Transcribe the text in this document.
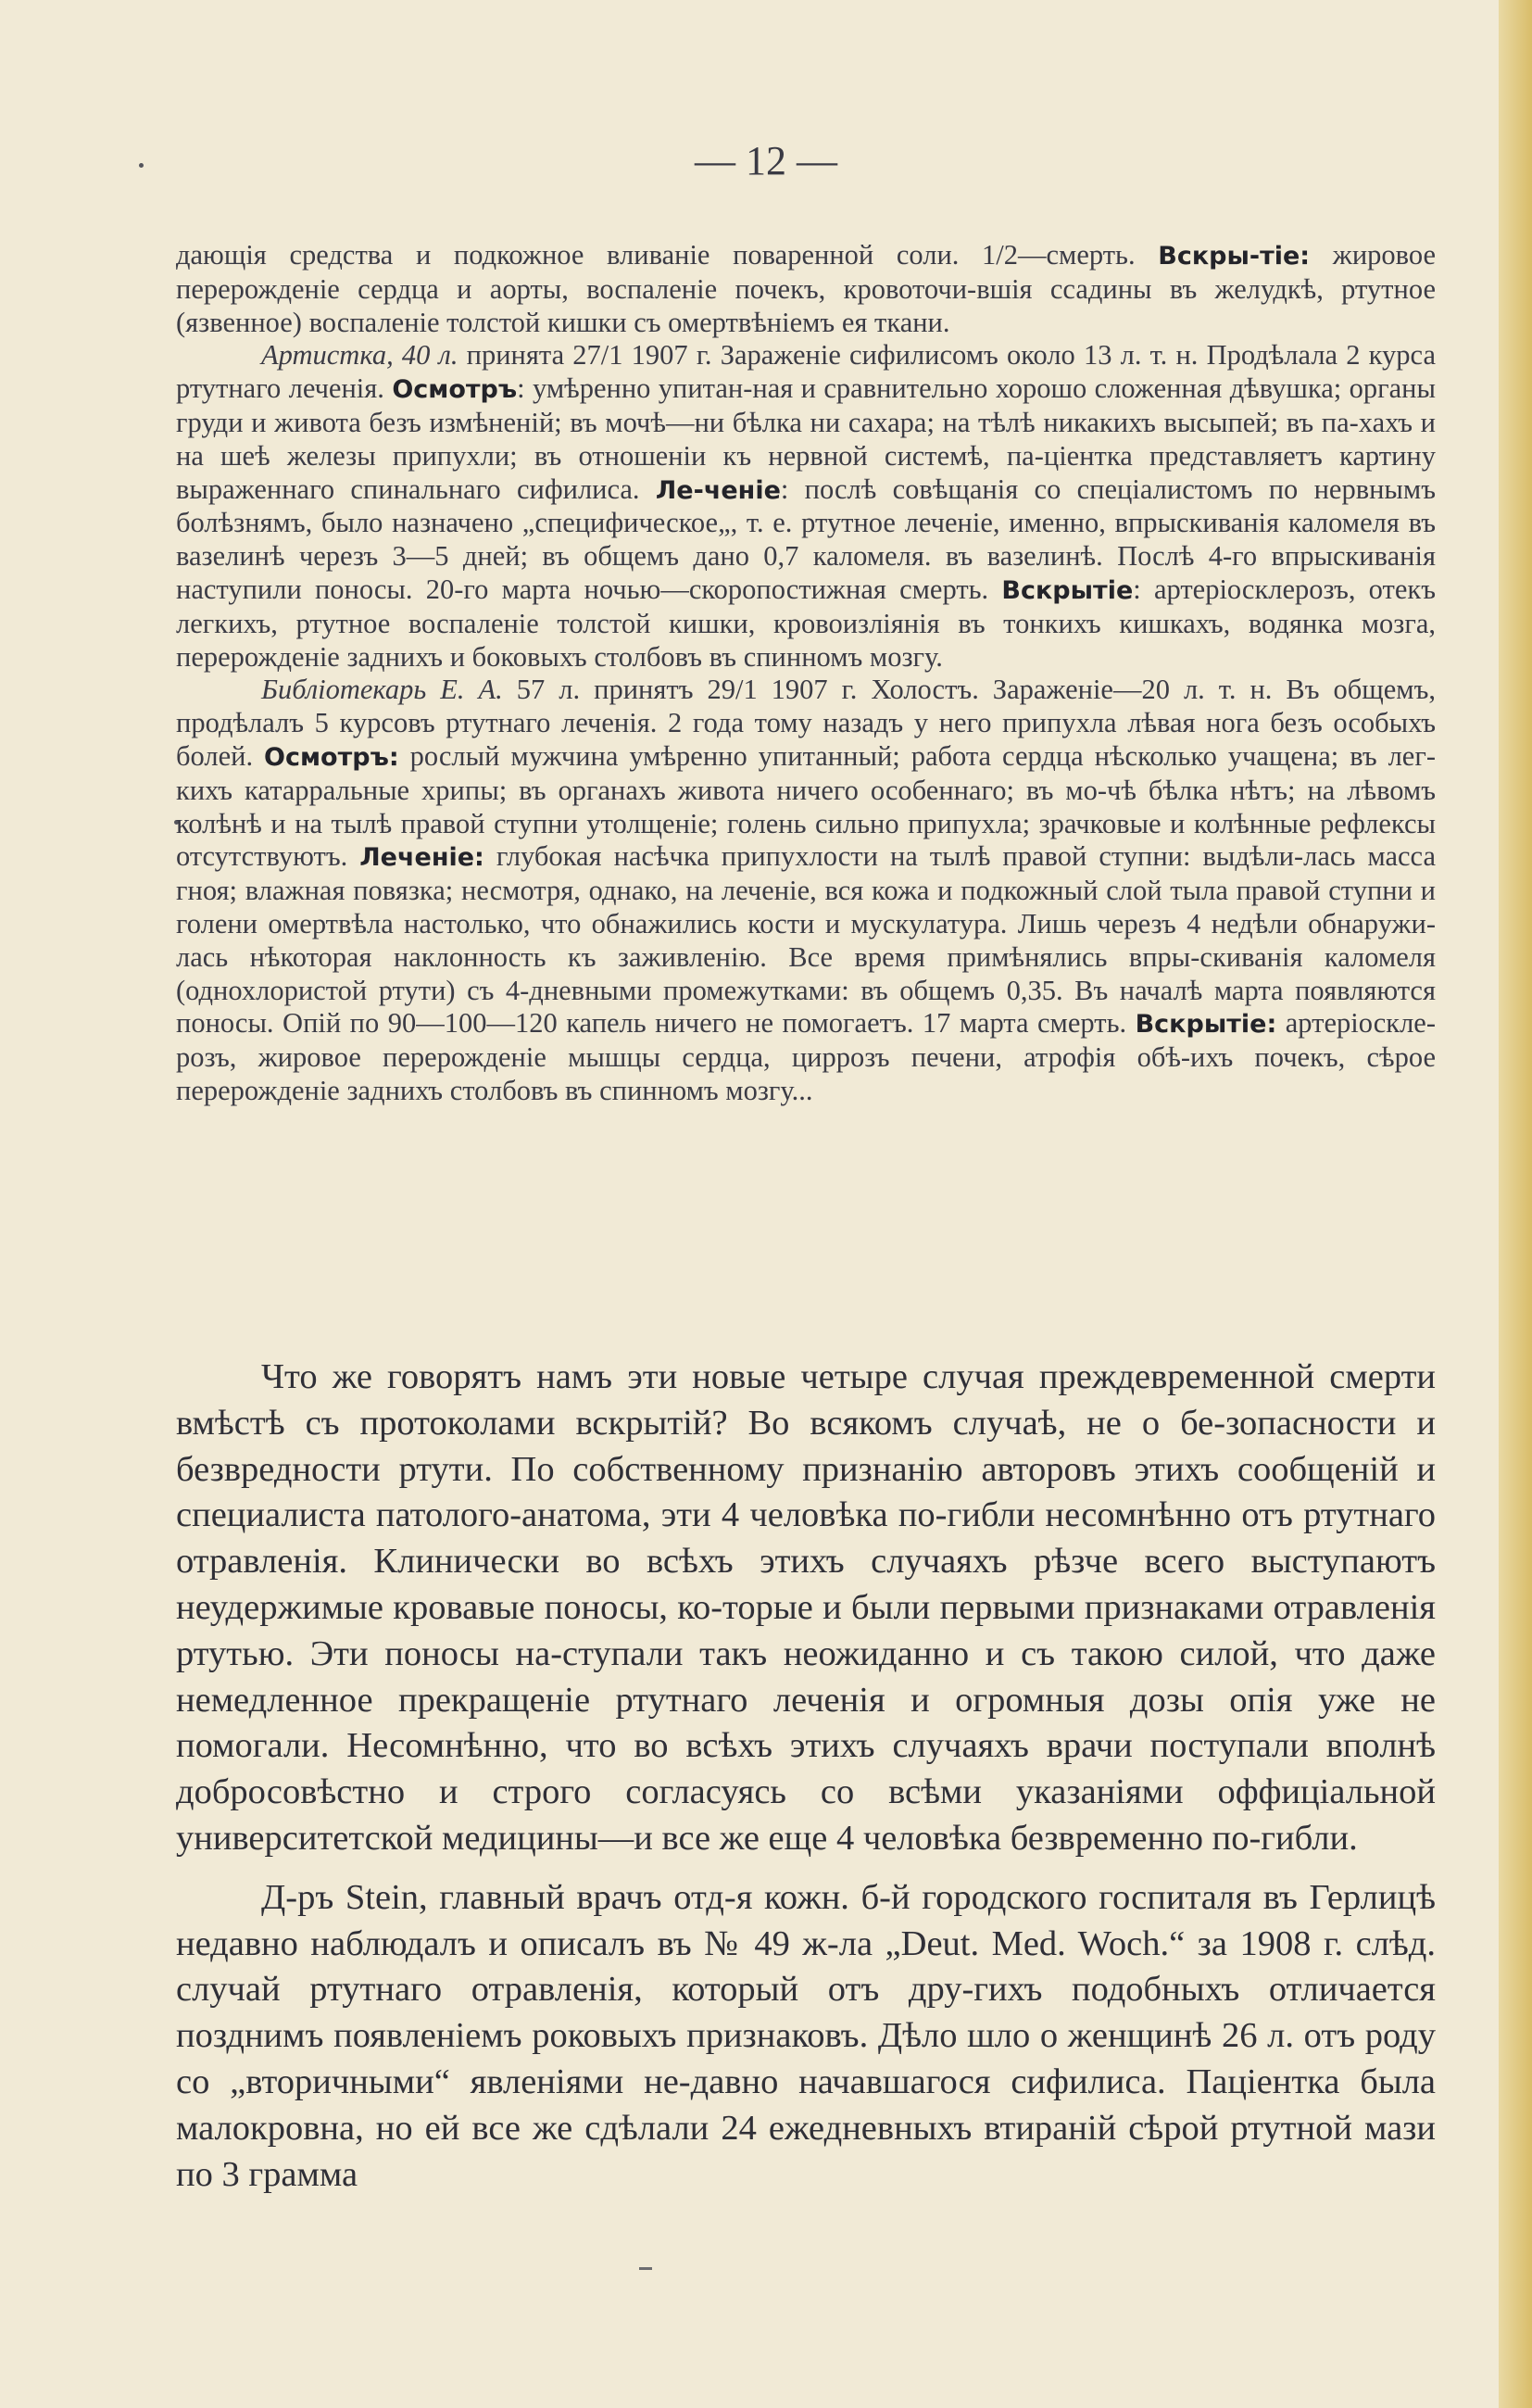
— 12 —

дающія средства и подкожное вливаніе поваренной соли. 1/2—смерть. Вскры-тіе: жировое перерожденіе сердца и аорты, воспаленіе почекъ, кровоточи-вшія ссадины въ желудкѣ, ртутное (язвенное) воспаленіе толстой кишки съ омертвѣніемъ ея ткани.

Артистка, 40 л. принята 27/1 1907 г. Зараженіе сифилисомъ около 13 л. т. н. Продѣлала 2 курса ртутнаго леченія. Осмотръ: умѣренно упитан-ная и сравнительно хорошо сложенная дѣвушка; органы груди и живота безъ измѣненій; въ мочѣ—ни бѣлка ни сахара; на тѣлѣ никакихъ высыпей; въ па-хахъ и на шеѣ железы припухли; въ отношеніи къ нервной системѣ, па-ціентка представляетъ картину выраженнаго спинальнаго сифилиса. Ле-ченіе: послѣ совѣщанія со спеціалистомъ по нервнымъ болѣзнямъ, было назначено „специфическое„, т. е. ртутное леченіе, именно, впрыскиванія каломеля въ вазелинѣ черезъ 3—5 дней; въ общемъ дано 0,7 каломеля. въ вазелинѣ. Послѣ 4-го впрыскиванія наступили поносы. 20-го марта ночью—скоропостижная смерть. Вскрытіе: артеріосклерозъ, отекъ легкихъ, ртутное воспаленіе толстой кишки, кровоизліянія въ тонкихъ кишкахъ, водянка мозга, перерожденіе заднихъ и боковыхъ столбовъ въ спинномъ мозгу.

Библіотекарь Е. А. 57 л. принятъ 29/1 1907 г. Холостъ. Зараженіе—20 л. т. н. Въ общемъ, продѣлалъ 5 курсовъ ртутнаго леченія. 2 года тому назадъ у него припухла лѣвая нога безъ особыхъ болей. Осмотръ: рослый мужчина умѣренно упитанный; работа сердца нѣсколько учащена; въ лег-кихъ катарральные хрипы; въ органахъ живота ничего особеннаго; въ мо-чѣ бѣлка нѣтъ; на лѣвомъ колѣнѣ и на тылѣ правой ступни утолщеніе; голень сильно припухла; зрачковые и колѣнные рефлексы отсутствуютъ. Леченіе: глубокая насѣчка припухлости на тылѣ правой ступни: выдѣли-лась масса гноя; влажная повязка; несмотря, однако, на леченіе, вся кожа и подкожный слой тыла правой ступни и голени омертвѣла настолько, что обнажились кости и мускулатура. Лишь черезъ 4 недѣли обнаружи-лась нѣкоторая наклонность къ заживленію. Все время примѣнялись впры-скиванія каломеля (однохлористой ртути) съ 4-дневными промежутками: въ общемъ 0,35. Въ началѣ марта появляются поносы. Опій по 90—100—120 капель ничего не помогаетъ. 17 марта смерть. Вскрытіе: артеріоскле-розъ, жировое перерожденіе мышцы сердца, циррозъ печени, атрофія обѣ-ихъ почекъ, сѣрое перерожденіе заднихъ столбовъ въ спинномъ мозгу...

Что же говорятъ намъ эти новые четыре случая преждевременной смерти вмѣстѣ съ протоколами вскрытій? Во всякомъ случаѣ, не о бе-зопасности и безвредности ртути. По собственному признанію авторовъ этихъ сообщеній и специалиста патолого-анатома, эти 4 человѣка по-гибли несомнѣнно отъ ртутнаго отравленія. Клинически во всѣхъ этихъ случаяхъ рѣзче всего выступаютъ неудержимые кровавые поносы, ко-торые и были первыми признаками отравленія ртутью. Эти поносы на-ступали такъ неожиданно и съ такою силой, что даже немедленное прекращеніе ртутнаго леченія и огромныя дозы опія уже не помогали. Несомнѣнно, что во всѣхъ этихъ случаяхъ врачи поступали вполнѣ добросовѣстно и строго согласуясь со всѣми указаніями оффиціальной университетской медицины—и все же еще 4 человѣка безвременно по-гибли.

Д-ръ Stein, главный врачъ отд-я кожн. б-й городского госпиталя въ Герлицѣ недавно наблюдалъ и описалъ въ № 49 ж-ла „Deut. Med. Woch.“ за 1908 г. слѣд. случай ртутнаго отравленія, который отъ дру-гихъ подобныхъ отличается позднимъ появленіемъ роковыхъ признаковъ. Дѣло шло о женщинѣ 26 л. отъ роду со „вторичными“ явленіями не-давно начавшагося сифилиса. Паціентка была малокровна, но ей все же сдѣлали 24 ежедневныхъ втираній сѣрой ртутной мази по 3 грамма
